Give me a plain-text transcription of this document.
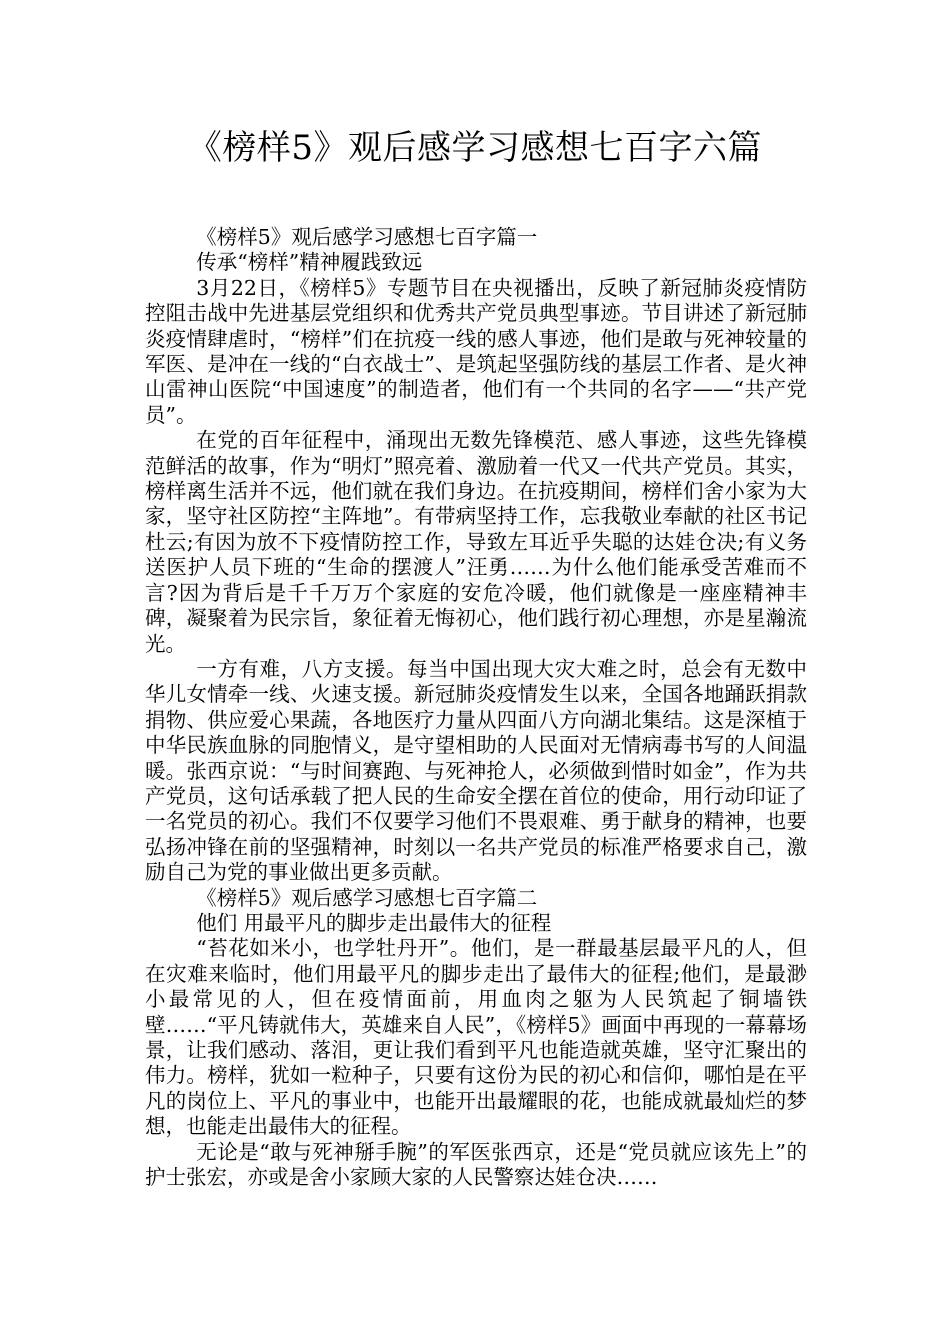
《榜样5》观后感学习感想七百字六篇

《榜样5》观后感学习感想七百字篇一

传承“榜样”精神履践致远

3月22日，《榜样5》专题节目在央视播出，反映了新冠肺炎疫情防控阻击战中先进基层党组织和优秀共产党员典型事迹。节目讲述了新冠肺炎疫情肆虐时，“榜样”们在抗疫一线的感人事迹，他们是敢与死神较量的军医、是冲在一线的“白衣战士”、是筑起坚强防线的基层工作者、是火神山雷神山医院“中国速度”的制造者，他们有一个共同的名字——“共产党员”。

在党的百年征程中，涌现出无数先锋模范、感人事迹，这些先锋模范鲜活的故事，作为“明灯”照亮着、激励着一代又一代共产党员。其实，榜样离生活并不远，他们就在我们身边。在抗疫期间，榜样们舍小家为大家，坚守社区防控“主阵地”。有带病坚持工作，忘我敬业奉献的社区书记杜云;有因为放不下疫情防控工作，导致左耳近乎失聪的达娃仓决;有义务送医护人员下班的“生命的摆渡人”汪勇……为什么他们能承受苦难而不言?因为背后是千千万万个家庭的安危冷暖，他们就像是一座座精神丰碑，凝聚着为民宗旨，象征着无悔初心，他们践行初心理想，亦是星瀚流光。

一方有难，八方支援。每当中国出现大灾大难之时，总会有无数中华儿女情牵一线、火速支援。新冠肺炎疫情发生以来，全国各地踊跃捐款捐物、供应爱心果蔬，各地医疗力量从四面八方向湖北集结。这是深植于中华民族血脉的同胞情义，是守望相助的人民面对无情病毒书写的人间温暖。张西京说：“与时间赛跑、与死神抢人，必须做到惜时如金”，作为共产党员，这句话承载了把人民的生命安全摆在首位的使命，用行动印证了一名党员的初心。我们不仅要学习他们不畏艰难、勇于献身的精神，也要弘扬冲锋在前的坚强精神，时刻以一名共产党员的标准严格要求自己，激励自己为党的事业做出更多贡献。

《榜样5》观后感学习感想七百字篇二

他们 用最平凡的脚步走出最伟大的征程

“苔花如米小，也学牡丹开”。他们，是一群最基层最平凡的人，但在灾难来临时，他们用最平凡的脚步走出了最伟大的征程;他们，是最渺小最常见的人，但在疫情面前，用血肉之躯为人民筑起了铜墙铁壁……“平凡铸就伟大，英雄来自人民”，《榜样5》画面中再现的一幕幕场景，让我们感动、落泪，更让我们看到平凡也能造就英雄，坚守汇聚出的伟力。榜样，犹如一粒种子，只要有这份为民的初心和信仰，哪怕是在平凡的岗位上、平凡的事业中，也能开出最耀眼的花，也能成就最灿烂的梦想，也能走出最伟大的征程。

无论是“敢与死神掰手腕”的军医张西京，还是“党员就应该先上”的护士张宏，亦或是舍小家顾大家的人民警察达娃仓决……
